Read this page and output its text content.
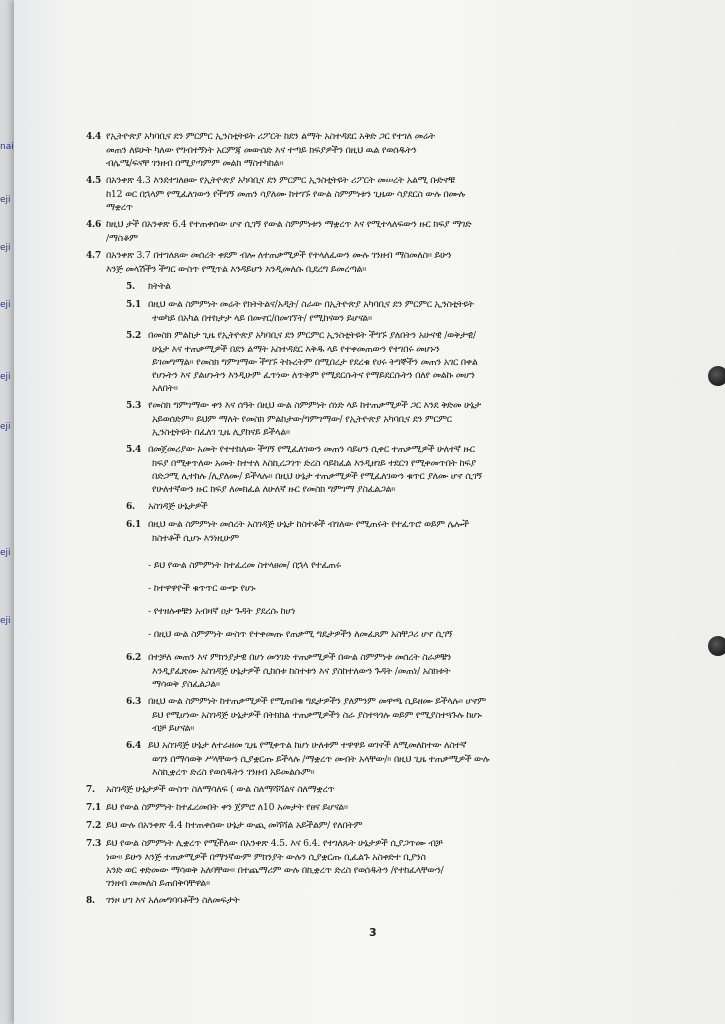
nai
eji
eji
eji
eji
eji
eji
eji
4.4 የኢትዮጵያ አካባቢና ደን ምርምር ኢንስቲትዩት ሪፖርት ከደን ልማት አስተዳደር አቅድ ጋር የተገለ መሬት
መጠን ለዩሁት ካለው የግብተኝነት አርምጃ መውሰድ እና ተጣይ ክፍያዎችን በዚህ ዉል የወሰዱትን
ብሌሜ/ፍናቸ ገንዘብ በሚያጣምም መልክ ማስተካከል፡፡
4.5 በአንቀጽ 4.3 እንደተገለፀው የኢትዮጵያ አካባቢና ደን ምርምር ኢንስቲትዩት ሪፖርት መሠረት አልሚ ቡድኖቹ
ከ12 ወር በኋላም የሚፈለገውን የችግኝ መጠን ሳያለሙ ከተገኙ የውል ስምምነቱን ጊዜው ሳያደርስ ውሉ በሙሉ
ማቋረጥ
4.6 ከዚህ ታች በአንቀጽ 6.4 የተጠቀሰው ሆኖ ሲገኝ የውል ስምምነቱን ማቋረጥ እና የሚተላለፍውን ዙር ክፍያ ማገድ
/ማስቆም
4.7 በአንቀጽ 3.7 በተገለጸው መሰረት ቀደም ብሎ ለተጠቃሚዎች የተላለፈውን ሙሉ ገንዘብ ማስመለስ፡፡ ይሁን
እንጅ መላሽችን ችግር ውስጥ የሚጥል እንዳይሆን እንዲመለሱ ቢደረግ ይመረጣል፡፡
5. ክትትል
5.1 በዚህ ውል ስምምነት መሬት የክትትልና/አዲት/ ስራው በኢትዮጵያ አካባቢና ደን ምርምር ኢንስቲትዩት
ተወካይ በአካል በተከታታ ላይ በመኖር/በመገኘት/ የሚከናወን ይሆናል፡፡
5.2 በመስክ ምልከታ ጊዜ የኢትዮጵያ አካባቢና ደን ምርምር ኢንስቲትዩት ችግኙ ያለበትን አሁናዊ /ወቅታዊ/
ሁኔታ እና ተጠቃሚዎች በደን ልማት አስተዳደር እቅዱ ላይ የተቀመጠውን የተገበሩ መሆኑን
ይገመግማል፡፡ የመስክ ግምገማው ችግኙ ትኩረትም በሚበረታ የደረቁ የሀሩ ትግኞችን መጠን አገር በቀል
የሆኑትን እና ያልሆኑትን እንዲሁም ፈጥነው ለጥቅም የሚደርሱትና የማይደርሱትን በለየ መልኩ መሆን
አለበት፡፡
5.3 የመስክ ግምገማው ቀን እና ሰዓት በዚህ ውል ስምምነት ሰነድ ላይ ከተጠቃሚዎች ጋር እንደ ቅድመ ሁኔታ
አይወሰድም፡፡ ይህም ማለት የመስክ ምልከታው/ግምገማው/ የኢትዮጵያ አካባቢና ደን ምርምር
ኢንስቲትዩት በፈለገ ጊዜ ሊያከናይ ይችላል፡፡
5.4 በመጀመሪያው አመት የተተከለው ችግኝ የሚፈለገውን መጠን ሳይሆን ሲቀር ተጠቃሚዎች ሁለተኛ ዙር
ክፍያ በሚቀጥለው አመት ከተተለ እስኪረጋገጥ ድረስ ሳይከፈል እንዲዘገይ ተደርጎ የሚቀመጥበት ከፍያ
በድጋሚ ሊተከሉ /ሊያለሙ/ ይችላሉ፡፡ በዚህ ሁኔታ ተጠቃሚዎች የሚፈለገውን ቁጥር ያለሙ ሆኖ ሲገኝ
የሁለተኛውን ዙር ክፍያ ለመክፈል ለሁለኛ ዙር የመስክ ግምገማ ያስፈልጋል፡፡
6. አስገዳጅ ሁኔታዎች
6.1 በዚህ ውል ስምምነት መሰረት አስገዳጅ ሁኔታ ከስተቶች ብገለው የሚጠሩት የተፈጥሮ ወይም ሌሎች
ክስተቶች ሲሆኑ እንነዚሁም
- ይህ የውል ስምምነት ከተፈረመ ስተላፀመ/ በኋላ የተፈጠሩ
- ከተዋዋዮች ቁጥጥር ውጭ የሆኑ
- የተዘሉቀቹን አብዛኛ ዐታ ጉዳት ያደረሱ ከሆነ
- በዚህ ውል ስምምነት ውስጥ የተቀመጡ የጠቃሚ ግዴታዎችን ለመፈጸም አስቸጋሪ ሆኖ ሲገኝ
6.2 በተቻለ መጠን እና ምክንያታዊ በሆነ መንገድ ተጠቃሚዎች በውል ስምምነቱ መሰረት ስራዎቹን
እንዲያፈጽሙ አስገዳጅ ሁኔታዎች ሲከሰቱ ከስተቱን እና ያስከተለውን ጉዳት /መጠነ/ አስክቱት
ማሳወቅ ያስፈልጋል፡፡
6.3 በዚህ ውል ስምምነት ከተጠቃሚዎች የሚጠበቁ ግዴታዎችን ያለምንም መዋጫ ሲይዘሙ ይችላሉ፡፡ ሆኖም
ይህ የሚሆነው አስገዳጅ ሁኔታዎች በትክክል ተጠቃሚዎችን ስራ ያስተጓጎሉ ወይም የሚያስተጓጉሉ ከሆኑ
ብቻ ይሆናል፡፡
6.4 ይህ አስገዳጅ ሁኔታ ለተራዘመ ጊዜ የሚቀጥል ከሆነ ሁለቱም ተዋዋይ ወገኖች ለሚመለከተው ለስተኛ
ወገን በማሳወቅ ሥላቸውን ሲያቋርጡ ይችላሉ /ማቋረጥ መብት አላቸው/፡፡ በዚህ ጊዜ ተጠቃሚዎች ውሉ
እስኪቋረጥ ድረስ የወሰዱትን ገንዘብ አይመልሱም፡፡
7. አስገዳጅ ሁኔታዎች ውስጥ ስለማሳለፍ ( ውል ስለማሻሻልና ስለማቋረጥ
7.1 ይህ የውል ስምምነት ከተፈረመበት ቀን ጀምሮ ለ10 አመታት የፀና ይሆናል፡፡
7.2 ይህ ውሉ በአንቀጽ 4.4 ከተጠቀሰው ሁኔታ ውጪ መሻሻል አይችልም/ የለበትም
7.3 ይህ የውል ስምምነት ሊቋረጥ የሚችለው በአንቀጽ 4.5. እና 6.4. የተገለጹት ሁኔታዎች ሲያጋጥሙ ብቻ
ነው፡፡ ይሁን እንጅ ተጠቃሚዎች በማንኛውም ምክንያት ውሉን ሲያቋርጡ ቢፈልጉ አስቀድተ ቢያንስ
አንድ ወር ቀድመው ማሳወቅ አለባቸው፡፡ በተጨማሪም ውሉ በኪቋረጥ ድረስ የወሰዱትን /የተከፈላቸውን/
ገንዘብ መመለስ ይጠበቅባቸዋል፡፡
8. ገንዞ ሆገ እና አለመግባባቶችን ስለመፍታት
3
